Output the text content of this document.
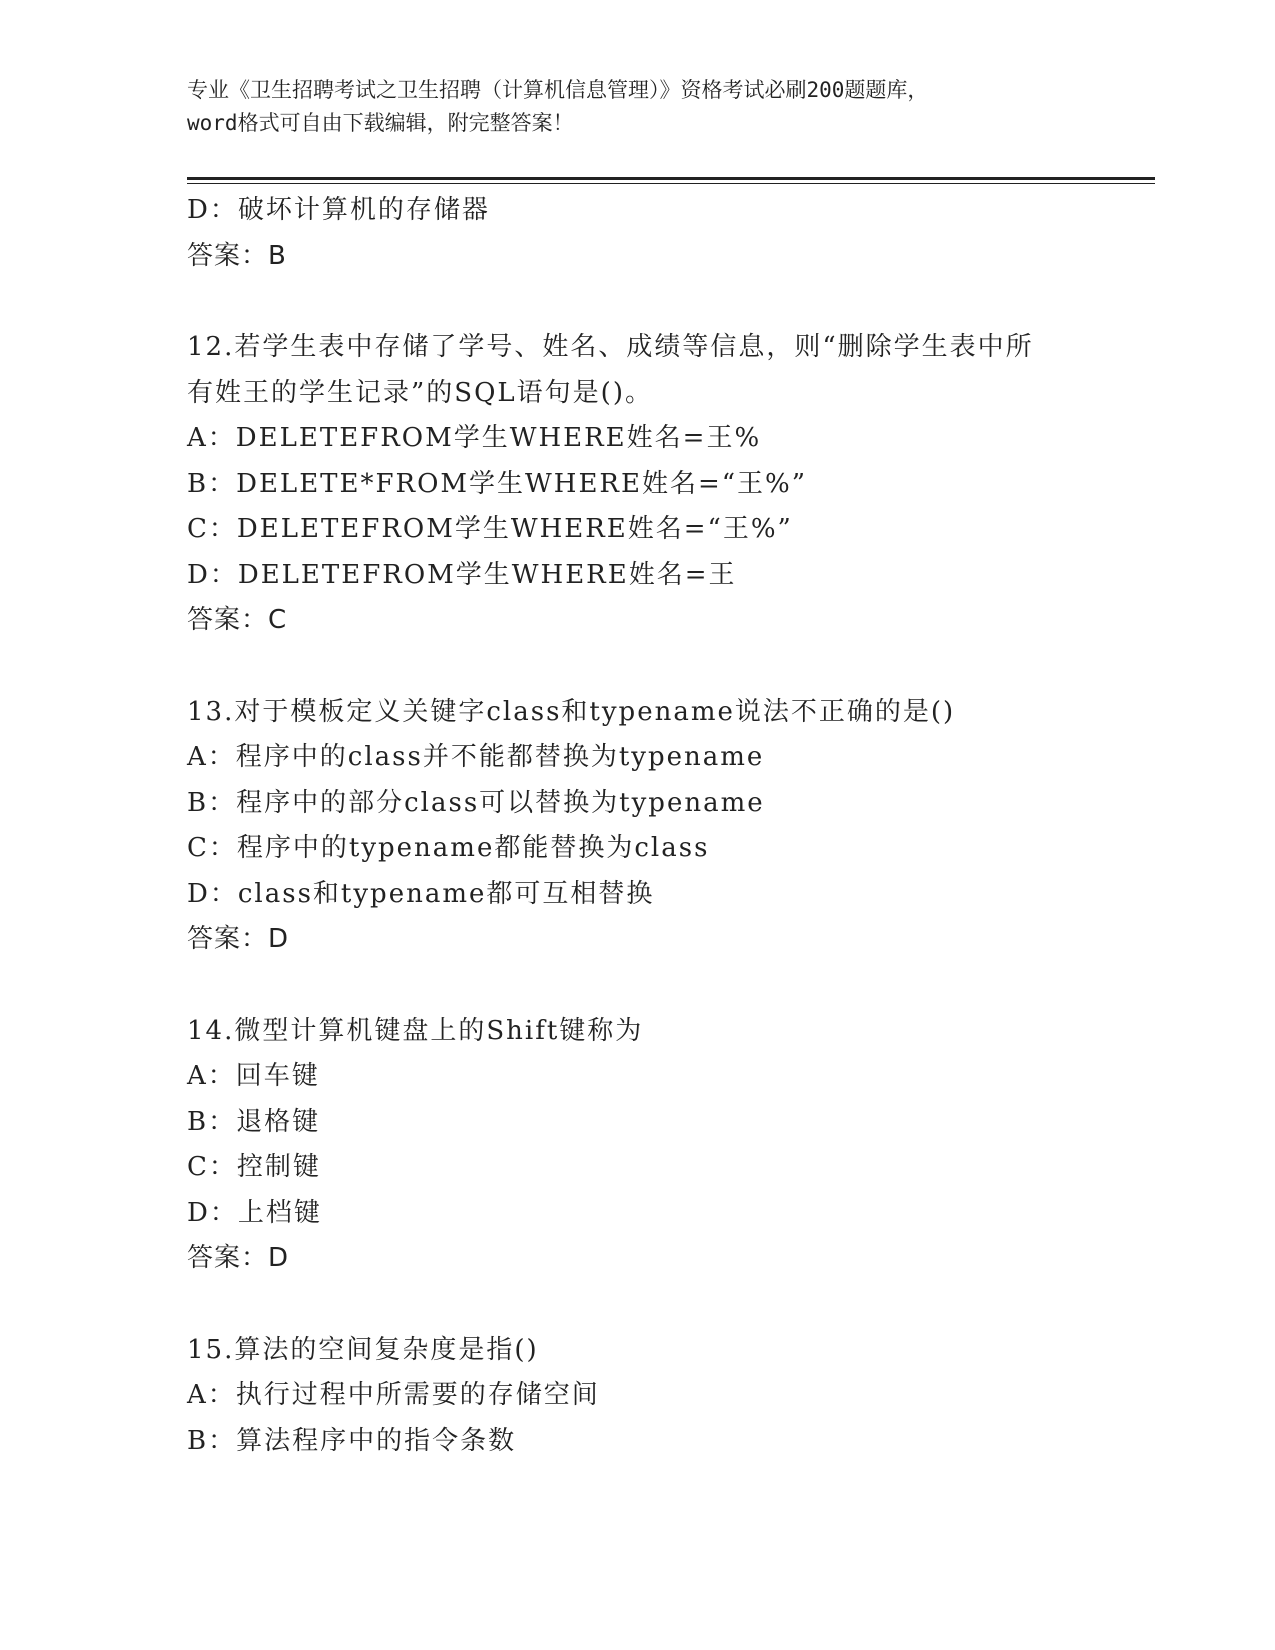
专业《卫生招聘考试之卫生招聘（计算机信息管理）》资格考试必刷200题题库，
word格式可自由下载编辑，附完整答案！
D：破坏计算机的存储器
答案：B
12.若学生表中存储了学号、姓名、成绩等信息，则“删除学生表中所
有姓王的学生记录”的SQL语句是()。
A：DELETEFROM学生WHERE姓名=王%
B：DELETE*FROM学生WHERE姓名=“王%”
C：DELETEFROM学生WHERE姓名=“王%”
D：DELETEFROM学生WHERE姓名=王
答案：C
13.对于模板定义关键字class和typename说法不正确的是()
A：程序中的class并不能都替换为typename
B：程序中的部分class可以替换为typename
C：程序中的typename都能替换为class
D：class和typename都可互相替换
答案：D
14.微型计算机键盘上的Shift键称为
A：回车键
B：退格键
C：控制键
D：上档键
答案：D
15.算法的空间复杂度是指()
A：执行过程中所需要的存储空间
B：算法程序中的指令条数
